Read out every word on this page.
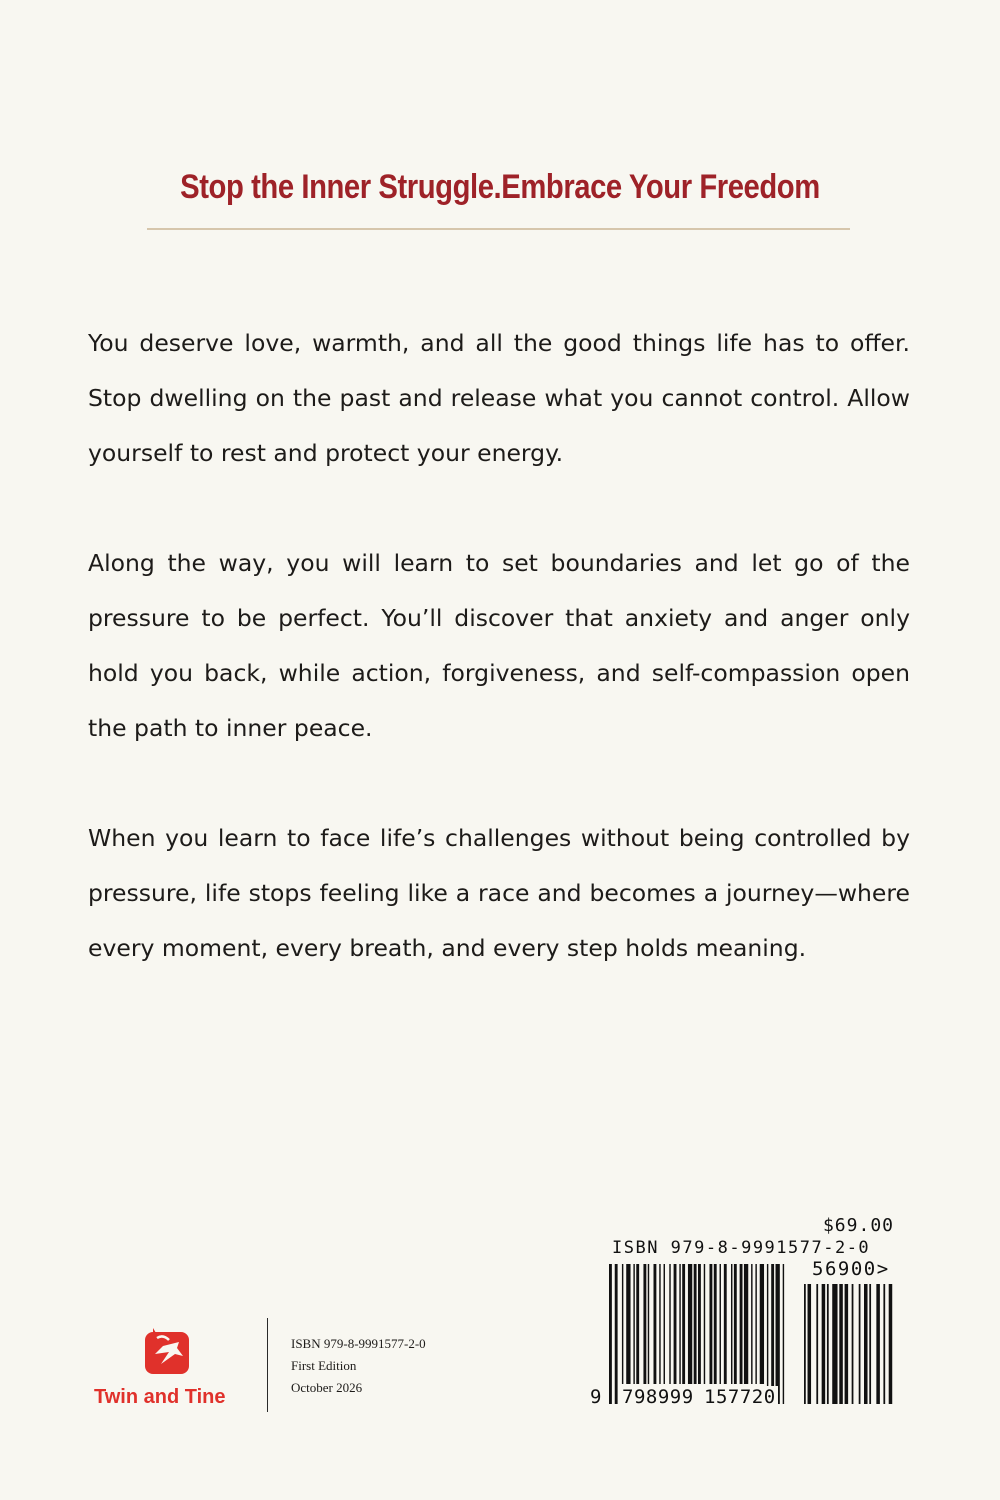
Stop the Inner Struggle.Embrace Your Freedom

You deserve love, warmth, and all the good things life has to offer. Stop dwelling on the past and release what you cannot control. Allow yourself to rest and protect your energy.

Along the way, you will learn to set boundaries and let go of the pressure to be perfect. You’ll discover that anxiety and anger only hold you back, while action, forgiveness, and self-compassion open the path to inner peace.

When you learn to face life’s challenges without being controlled by pressure, life stops feeling like a race and becomes a journey—where every moment, every breath, and every step holds meaning.

Twin and Tine
ISBN 979-8-9991577-2-0
First Edition
October 2026
$69.00
ISBN 979-8-9991577-2-0
56900>
9 798999 157720
